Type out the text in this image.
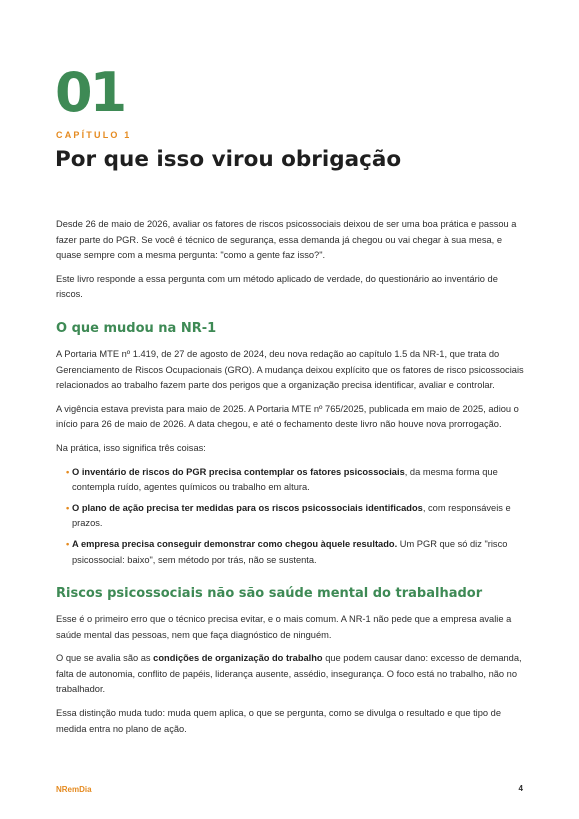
01
CAPÍTULO 1
Por que isso virou obrigação

Desde 26 de maio de 2026, avaliar os fatores de riscos psicossociais deixou de ser uma boa prática e passou a fazer parte do PGR. Se você é técnico de segurança, essa demanda já chegou ou vai chegar à sua mesa, e quase sempre com a mesma pergunta: "como a gente faz isso?".

Este livro responde a essa pergunta com um método aplicado de verdade, do questionário ao inventário de riscos.

O que mudou na NR-1

A Portaria MTE nº 1.419, de 27 de agosto de 2024, deu nova redação ao capítulo 1.5 da NR-1, que trata do Gerenciamento de Riscos Ocupacionais (GRO). A mudança deixou explícito que os fatores de risco psicossociais relacionados ao trabalho fazem parte dos perigos que a organização precisa identificar, avaliar e controlar.

A vigência estava prevista para maio de 2025. A Portaria MTE nº 765/2025, publicada em maio de 2025, adiou o início para 26 de maio de 2026. A data chegou, e até o fechamento deste livro não houve nova prorrogação.

Na prática, isso significa três coisas:

• O inventário de riscos do PGR precisa contemplar os fatores psicossociais, da mesma forma que contempla ruído, agentes químicos ou trabalho em altura.
• O plano de ação precisa ter medidas para os riscos psicossociais identificados, com responsáveis e prazos.
• A empresa precisa conseguir demonstrar como chegou àquele resultado. Um PGR que só diz "risco psicossocial: baixo", sem método por trás, não se sustenta.
Riscos psicossociais não são saúde mental do trabalhador

Esse é o primeiro erro que o técnico precisa evitar, e o mais comum. A NR-1 não pede que a empresa avalie a saúde mental das pessoas, nem que faça diagnóstico de ninguém.

O que se avalia são as condições de organização do trabalho que podem causar dano: excesso de demanda, falta de autonomia, conflito de papéis, liderança ausente, assédio, insegurança. O foco está no trabalho, não no trabalhador.

Essa distinção muda tudo: muda quem aplica, o que se pergunta, como se divulga o resultado e que tipo de medida entra no plano de ação.

NRemDia	4
